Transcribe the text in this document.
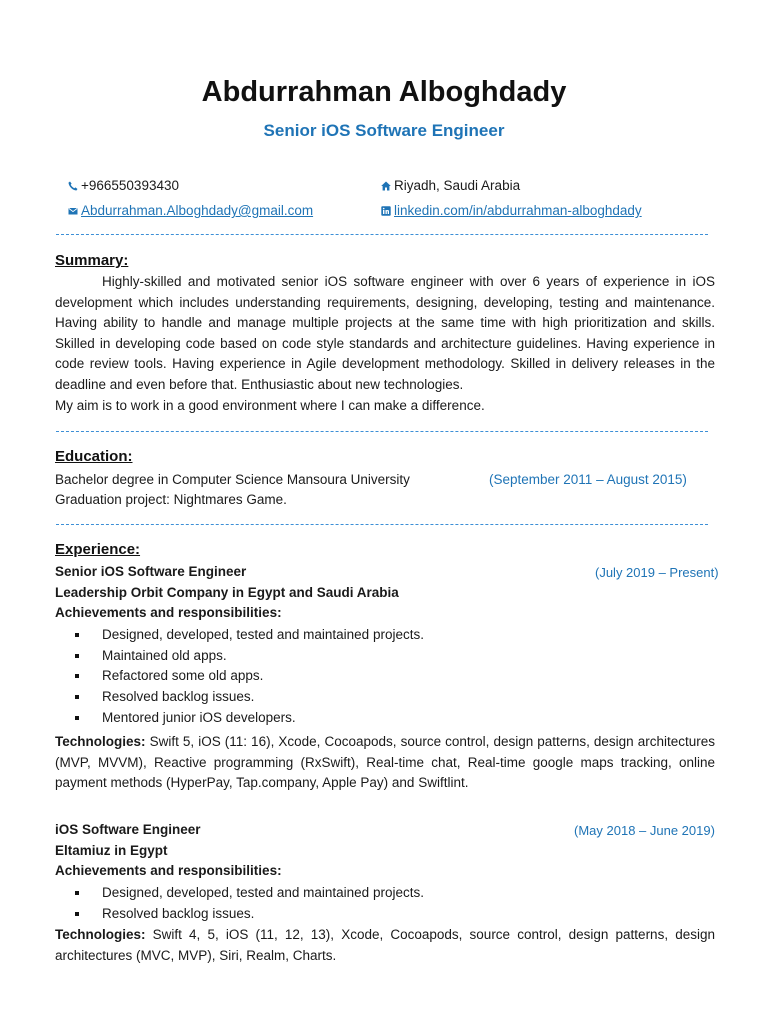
Abdurrahman Alboghdady
Senior iOS Software Engineer
+966550393430	Riyadh, Saudi Arabia
Abdurrahman.Alboghdady@gmail.com	linkedin.com/in/abdurrahman-alboghdady
Summary:
Highly-skilled and motivated senior iOS software engineer with over 6 years of experience in iOS development which includes understanding requirements, designing, developing, testing and maintenance. Having ability to handle and manage multiple projects at the same time with high prioritization and skills. Skilled in developing code based on code style standards and architecture guidelines. Having experience in code review tools. Having experience in Agile development methodology. Skilled in delivery releases in the deadline and even before that. Enthusiastic about new technologies.
My aim is to work in a good environment where I can make a difference.
Education:
Bachelor degree in Computer Science Mansoura University	(September 2011 – August 2015)
Graduation project: Nightmares Game.
Experience:
Senior iOS Software Engineer	(July 2019 – Present)
Leadership Orbit Company in Egypt and Saudi Arabia
Achievements and responsibilities:
Designed, developed, tested and maintained projects.
Maintained old apps.
Refactored some old apps.
Resolved backlog issues.
Mentored junior iOS developers.
Technologies: Swift 5, iOS (11: 16), Xcode, Cocoapods, source control, design patterns, design architectures (MVP, MVVM), Reactive programming (RxSwift), Real-time chat, Real-time google maps tracking, online payment methods (HyperPay, Tap.company, Apple Pay) and Swiftlint.
iOS Software Engineer	(May 2018 – June 2019)
Eltamiuz in Egypt
Achievements and responsibilities:
Designed, developed, tested and maintained projects.
Resolved backlog issues.
Technologies: Swift 4, 5, iOS (11, 12, 13), Xcode, Cocoapods, source control, design patterns, design architectures (MVC, MVP), Siri, Realm, Charts.
